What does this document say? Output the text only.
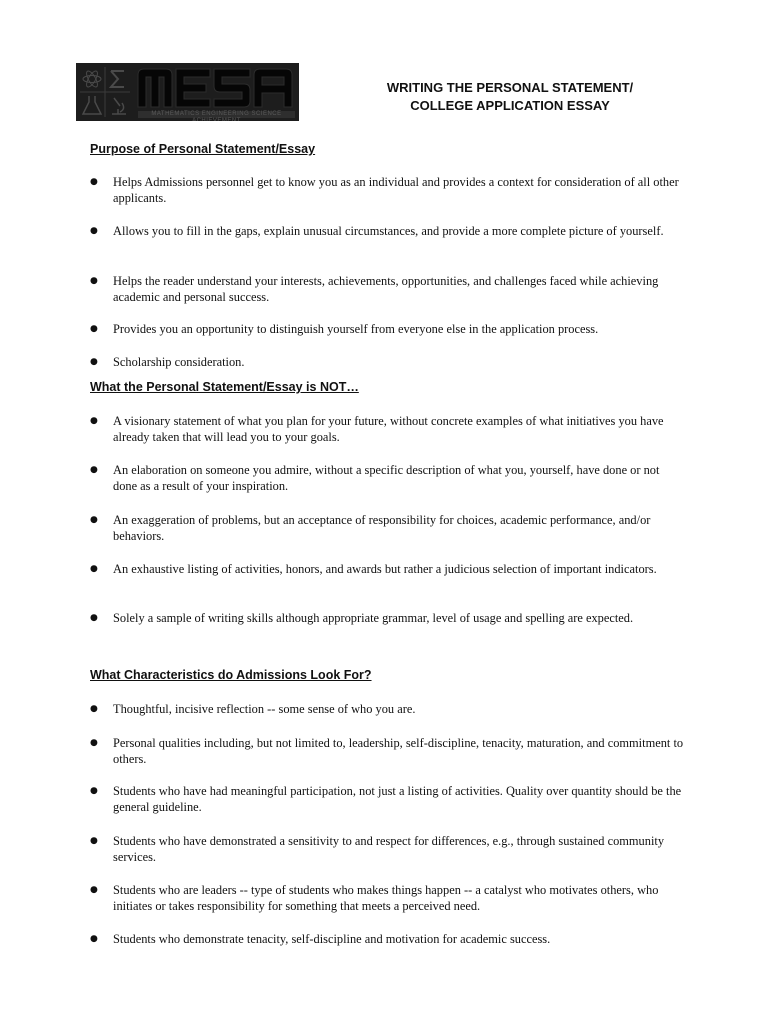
MATHEMATICS ENGINEERING SCIENCE ACHIEVEMENT
WRITING THE PERSONAL STATEMENT/
COLLEGE APPLICATION ESSAY
Purpose of Personal Statement/Essay
●	Helps Admissions personnel get to know you as an individual and provides a context for consideration of all other applicants.
●	Allows you to fill in the gaps, explain unusual circumstances, and provide a more complete picture of yourself.
●	Helps the reader understand your interests, achievements, opportunities, and challenges faced while achieving academic and personal success.
●	Provides you an opportunity to distinguish yourself from everyone else in the application process.
●	Scholarship consideration.
What the Personal Statement/Essay is NOT…
●	A visionary statement of what you plan for your future, without concrete examples of what initiatives you have already taken that will lead you to your goals.
●	An elaboration on someone you admire, without a specific description of what you, yourself, have done or not done as a result of your inspiration.
●	An exaggeration of problems, but an acceptance of responsibility for choices, academic performance, and/or behaviors.
●	An exhaustive listing of activities, honors, and awards but rather a judicious selection of important indicators.
●	Solely a sample of writing skills although appropriate grammar, level of usage and spelling are expected.
What Characteristics do Admissions Look For?
●	Thoughtful, incisive reflection -- some sense of who you are.
●	Personal qualities including, but not limited to, leadership, self-discipline, tenacity, maturation, and commitment to others.
●	Students who have had meaningful participation, not just a listing of activities. Quality over quantity should be the general guideline.
●	Students who have demonstrated a sensitivity to and respect for differences, e.g., through sustained community services.
●	Students who are leaders -- type of students who makes things happen -- a catalyst who motivates others, who initiates or takes responsibility for something that meets a perceived need.
●	Students who demonstrate tenacity, self-discipline and motivation for academic success.
